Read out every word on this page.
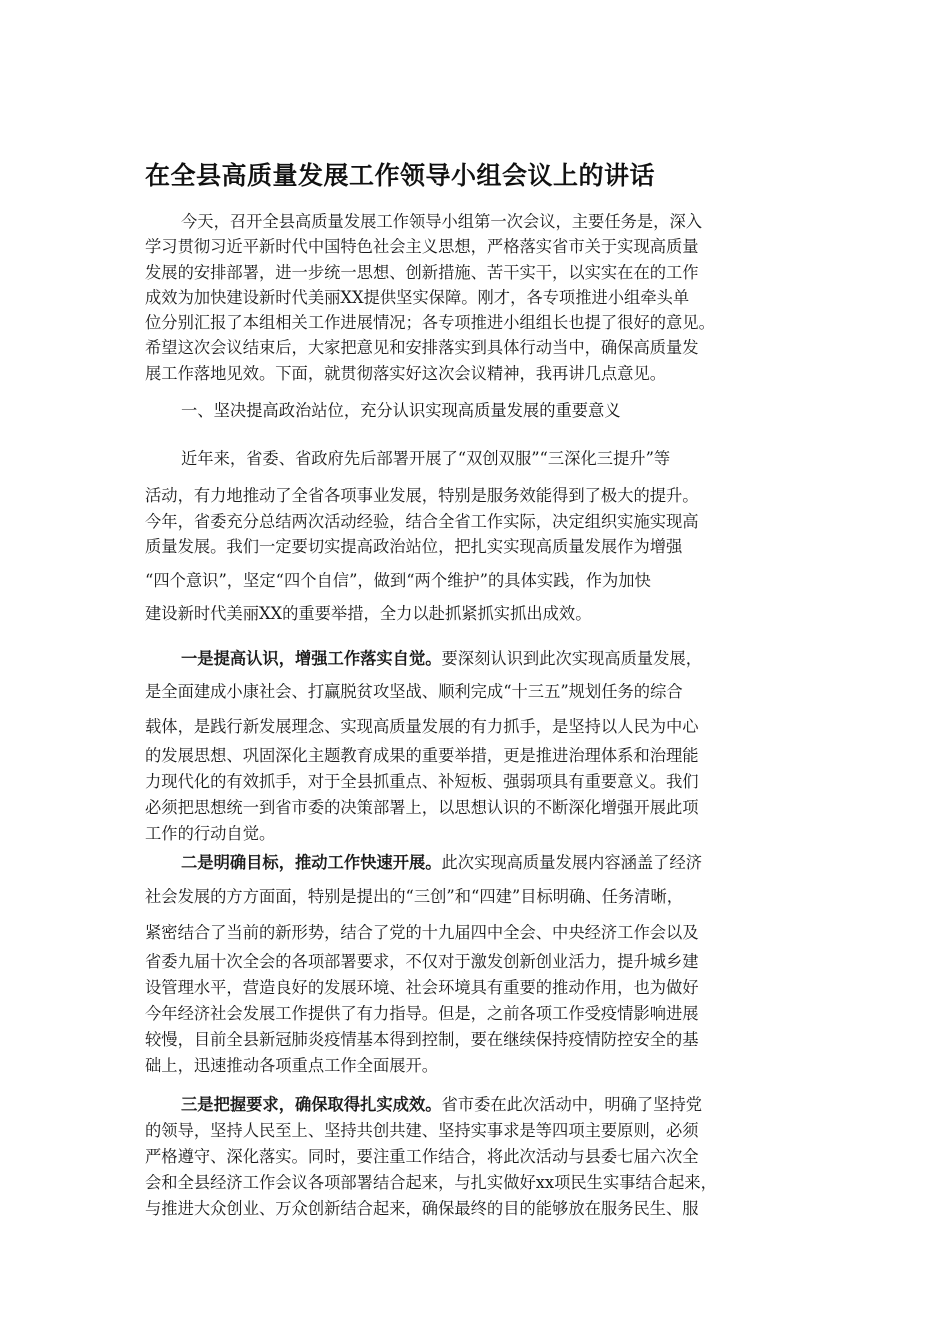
在全县高质量发展工作领导小组会议上的讲话
今天，召开全县高质量发展工作领导小组第一次会议，主要任务是，深入
学习贯彻习近平新时代中国特色社会主义思想，严格落实省市关于实现高质量
发展的安排部署，进一步统一思想、创新措施、苦干实干，以实实在在的工作
成效为加快建设新时代美丽XX提供坚实保障。刚才，各专项推进小组牵头单
位分别汇报了本组相关工作进展情况；各专项推进小组组长也提了很好的意见。
希望这次会议结束后，大家把意见和安排落实到具体行动当中，确保高质量发
展工作落地见效。下面，就贯彻落实好这次会议精神，我再讲几点意见。
一、坚决提高政治站位，充分认识实现高质量发展的重要意义
近年来，省委、省政府先后部署开展了“双创双服”“三深化三提升”等
活动，有力地推动了全省各项事业发展，特别是服务效能得到了极大的提升。
今年，省委充分总结两次活动经验，结合全省工作实际，决定组织实施实现高
质量发展。我们一定要切实提高政治站位，把扎实实现高质量发展作为增强
“四个意识”，坚定“四个自信”，做到“两个维护”的具体实践，作为加快
建设新时代美丽XX的重要举措，全力以赴抓紧抓实抓出成效。
一是提高认识，增强工作落实自觉。要深刻认识到此次实现高质量发展，
是全面建成小康社会、打赢脱贫攻坚战、顺利完成“十三五”规划任务的综合
载体，是践行新发展理念、实现高质量发展的有力抓手，是坚持以人民为中心
的发展思想、巩固深化主题教育成果的重要举措，更是推进治理体系和治理能
力现代化的有效抓手，对于全县抓重点、补短板、强弱项具有重要意义。我们
必须把思想统一到省市委的决策部署上，以思想认识的不断深化增强开展此项
工作的行动自觉。
二是明确目标，推动工作快速开展。此次实现高质量发展内容涵盖了经济
社会发展的方方面面，特别是提出的“三创”和“四建”目标明确、任务清晰，
紧密结合了当前的新形势，结合了党的十九届四中全会、中央经济工作会以及
省委九届十次全会的各项部署要求，不仅对于激发创新创业活力，提升城乡建
设管理水平，营造良好的发展环境、社会环境具有重要的推动作用，也为做好
今年经济社会发展工作提供了有力指导。但是，之前各项工作受疫情影响进展
较慢，目前全县新冠肺炎疫情基本得到控制，要在继续保持疫情防控安全的基
础上，迅速推动各项重点工作全面展开。
三是把握要求，确保取得扎实成效。省市委在此次活动中，明确了坚持党
的领导，坚持人民至上、坚持共创共建、坚持实事求是等四项主要原则，必须
严格遵守、深化落实。同时，要注重工作结合，将此次活动与县委七届六次全
会和全县经济工作会议各项部署结合起来，与扎实做好xx项民生实事结合起来，
与推进大众创业、万众创新结合起来，确保最终的目的能够放在服务民生、服
